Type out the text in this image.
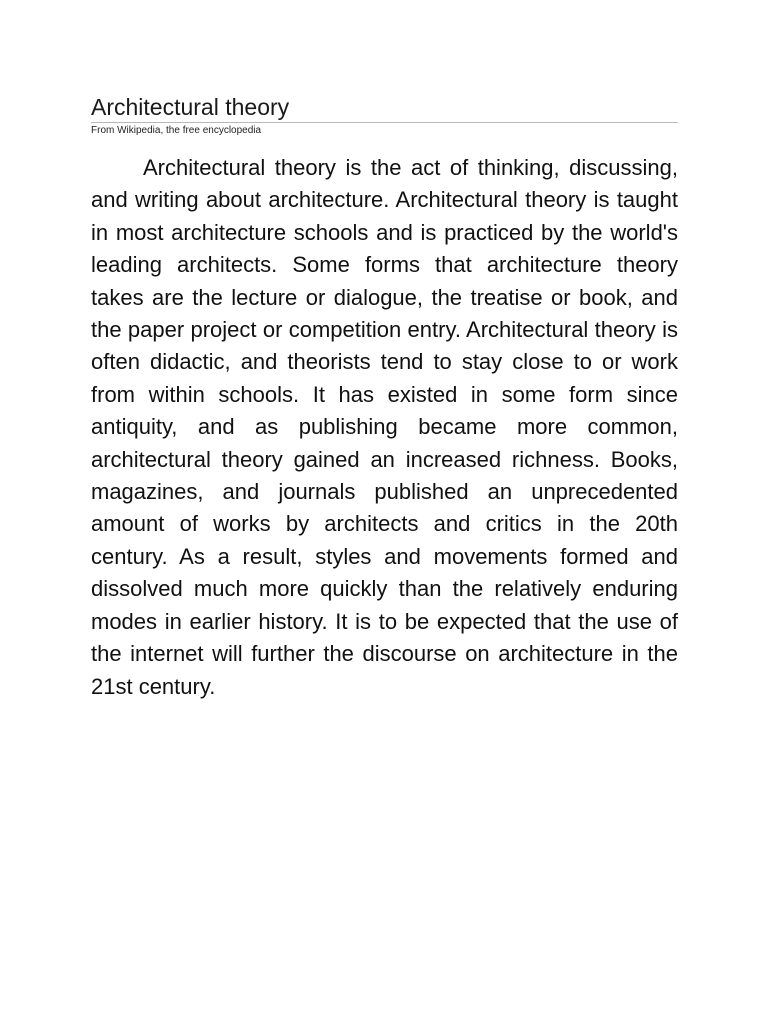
Architectural theory
From Wikipedia, the free encyclopedia

Architectural theory is the act of thinking, discussing, and writing about architecture. Architectural theory is taught in most architecture schools and is practiced by the world's leading architects. Some forms that architecture theory takes are the lecture or dialogue, the treatise or book, and the paper project or competition entry. Architectural theory is often didactic, and theorists tend to stay close to or work from within schools. It has existed in some form since antiquity, and as publishing became more common, architectural theory gained an increased richness. Books, magazines, and journals published an unprecedented amount of works by architects and critics in the 20th century. As a result, styles and movements formed and dissolved much more quickly than the relatively enduring modes in earlier history. It is to be expected that the use of the internet will further the discourse on architecture in the 21st century.
